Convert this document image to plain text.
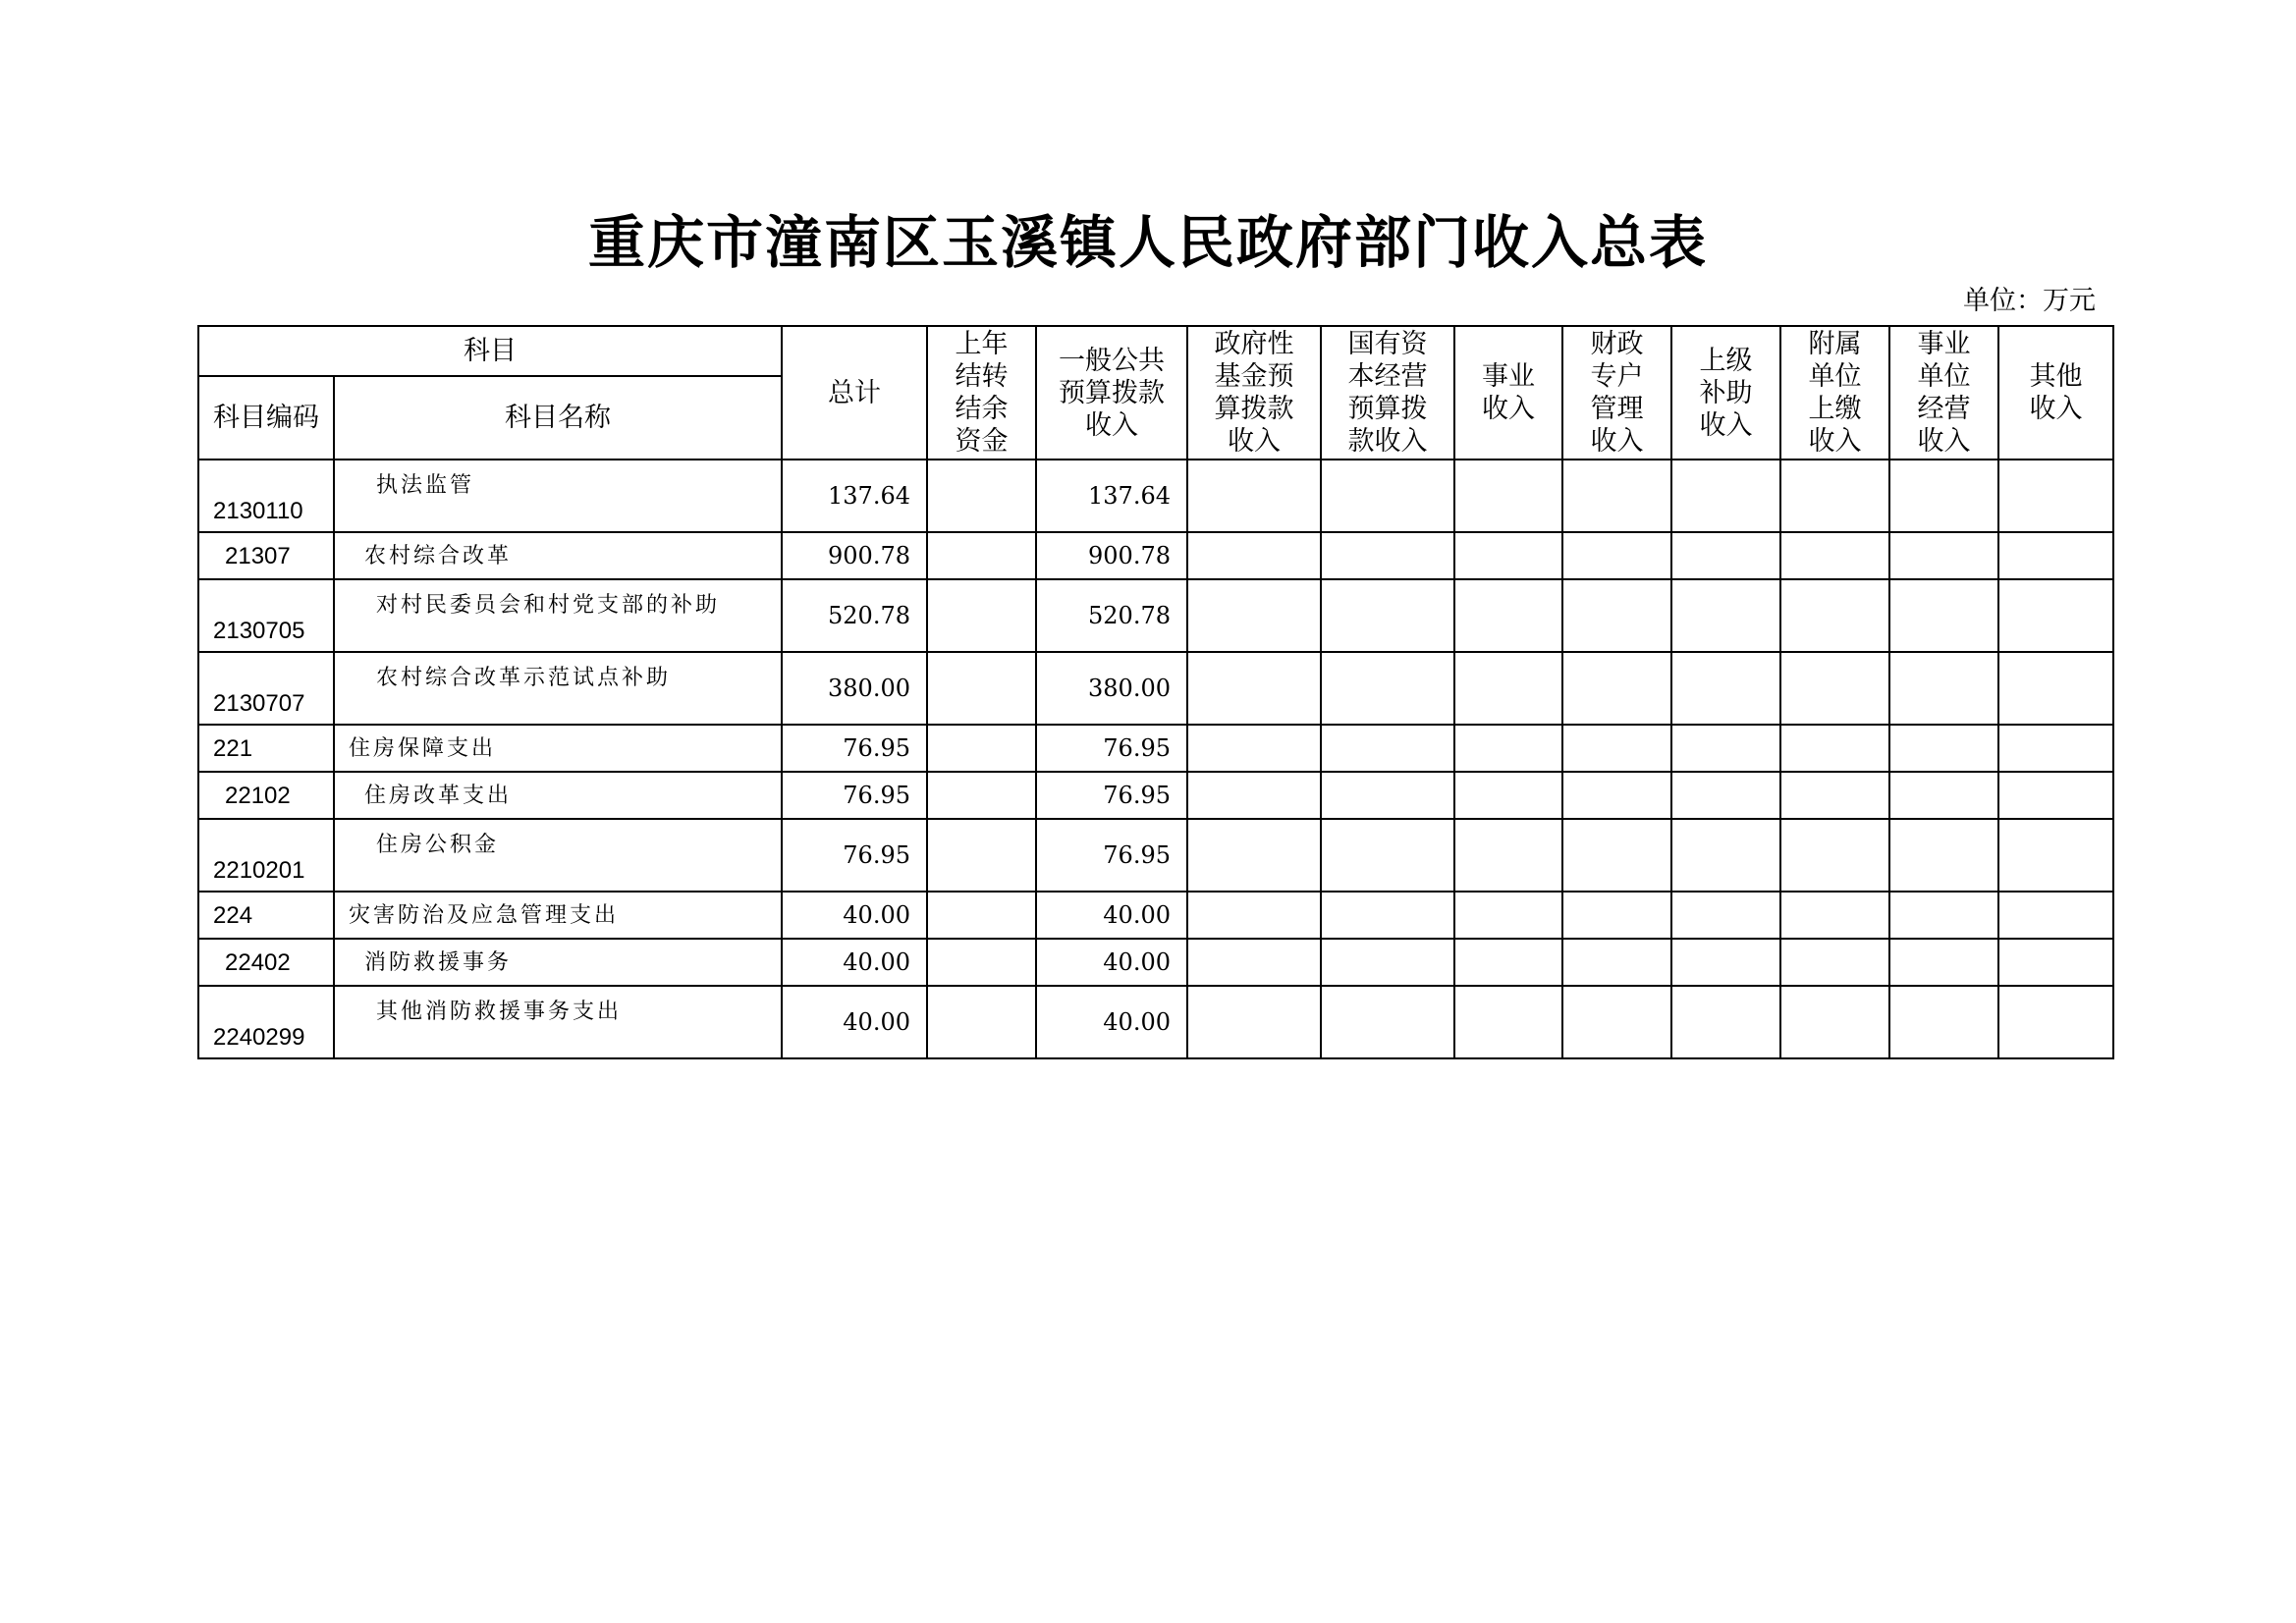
重庆市潼南区玉溪镇人民政府部门收入总表
单位：万元
科目		总计	上年
结转
结余
资金	一般公共
预算拨款
收入	政府性
基金预
算拨款
收入	国有资
本经营
预算拨
款收入	事业
收入	财政
专户
管理
收入	上级
补助
收入	附属
单位
上缴
收入	事业
单位
经营
收入	其他
收入
科目编码	科目名称											
2130110	执法监管	137.64		137.64								
21307	农村综合改革	900.78		900.78								
2130705	对村民委员会和村党支部的补助	520.78		520.78								
2130707	农村综合改革示范试点补助	380.00		380.00								
221	住房保障支出	76.95		76.95								
22102	住房改革支出	76.95		76.95								
2210201	住房公积金	76.95		76.95								
224	灾害防治及应急管理支出	40.00		40.00								
22402	消防救援事务	40.00		40.00								
2240299	其他消防救援事务支出	40.00		40.00								
